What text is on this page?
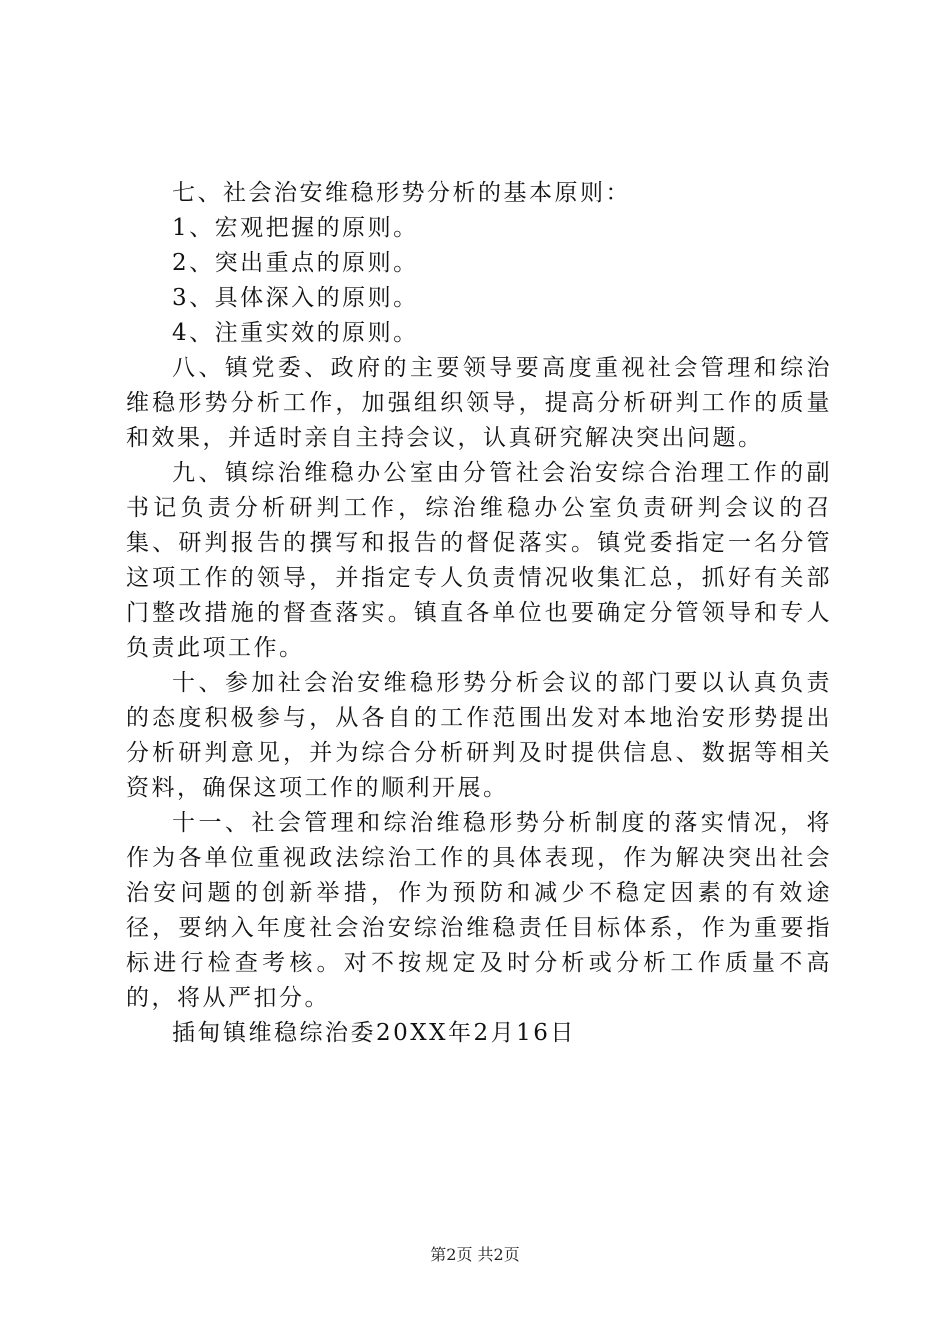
七、社会治安维稳形势分析的基本原则：

1、宏观把握的原则。

2、突出重点的原则。

3、具体深入的原则。

4、注重实效的原则。

八、镇党委、政府的主要领导要高度重视社会管理和综治维稳形势分析工作，加强组织领导，提高分析研判工作的质量和效果，并适时亲自主持会议，认真研究解决突出问题。

九、镇综治维稳办公室由分管社会治安综合治理工作的副书记负责分析研判工作，综治维稳办公室负责研判会议的召集、研判报告的撰写和报告的督促落实。镇党委指定一名分管这项工作的领导，并指定专人负责情况收集汇总，抓好有关部门整改措施的督查落实。镇直各单位也要确定分管领导和专人负责此项工作。

十、参加社会治安维稳形势分析会议的部门要以认真负责的态度积极参与，从各自的工作范围出发对本地治安形势提出分析研判意见，并为综合分析研判及时提供信息、数据等相关资料，确保这项工作的顺利开展。

十一、社会管理和综治维稳形势分析制度的落实情况，将作为各单位重视政法综治工作的具体表现，作为解决突出社会治安问题的创新举措，作为预防和减少不稳定因素的有效途径，要纳入年度社会治安综治维稳责任目标体系，作为重要指标进行检查考核。对不按规定及时分析或分析工作质量不高的，将从严扣分。

插甸镇维稳综治委20XX年2月16日

第2页 共2页
